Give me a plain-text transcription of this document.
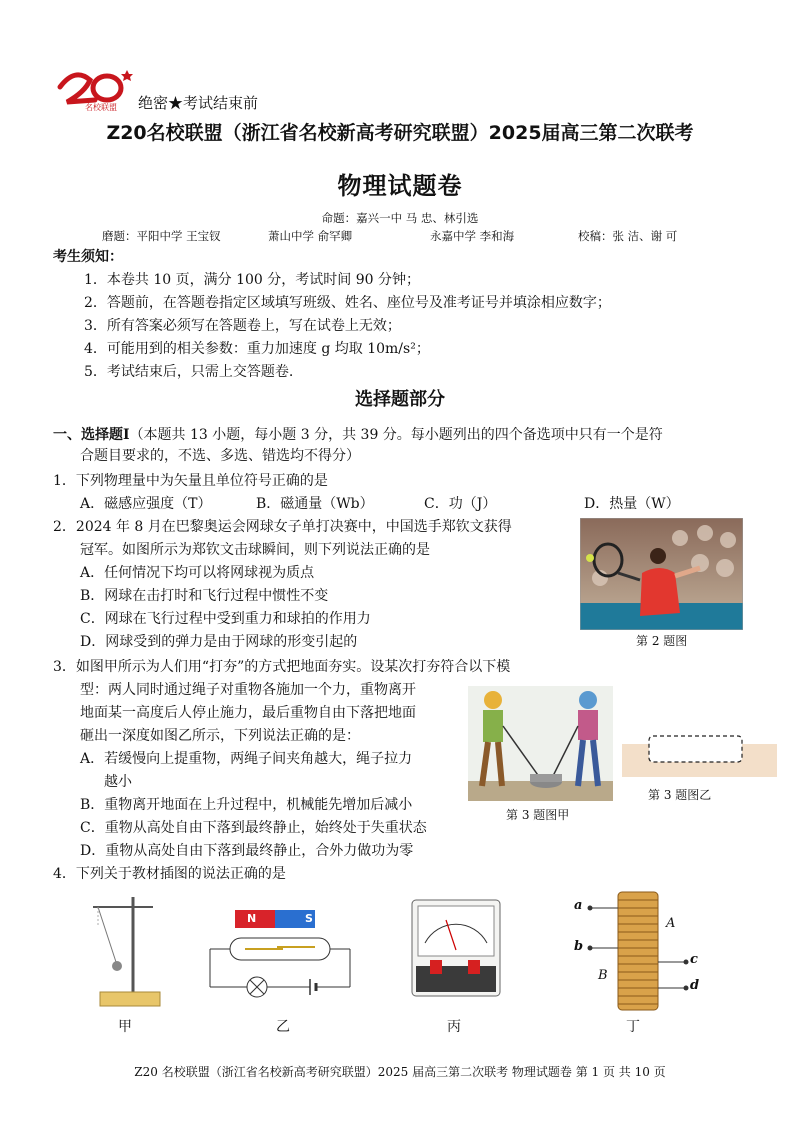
名校联盟 绝密★考试结束前
Z20名校联盟（浙江省名校新高考研究联盟）2025届高三第二次联考
物理试题卷
命题：嘉兴一中 马 忠、林引选
磨题：平阳中学 王宝钗	萧山中学 俞罕卿	永嘉中学 李和海	校稿：张 洁、谢 可
考生须知：
1．本卷共 10 页，满分 100 分，考试时间 90 分钟；
2．答题前，在答题卷指定区域填写班级、姓名、座位号及准考证号并填涂相应数字；
3．所有答案必须写在答题卷上，写在试卷上无效；
4．可能用到的相关参数：重力加速度 g 均取 10m/s²；
5．考试结束后，只需上交答题卷.
选择题部分
一、选择题Ⅰ（本题共 13 小题，每小题 3 分，共 39 分。每小题列出的四个备选项中只有一个是符
合题目要求的，不选、多选、错选均不得分）
1．下列物理量中为矢量且单位符号正确的是
A．磁感应强度（T）	B．磁通量（Wb）	C．功（J）	D．热量（W）
2．2024 年 8 月在巴黎奥运会网球女子单打决赛中，中国选手郑钦文获得
冠军。如图所示为郑钦文击球瞬间，则下列说法正确的是
A．任何情况下均可以将网球视为质点
B．网球在击打时和飞行过程中惯性不变
C．网球在飞行过程中受到重力和球拍的作用力
D．网球受到的弹力是由于网球的形变引起的	第 2 题图
3．如图甲所示为人们用“打夯”的方式把地面夯实。设某次打夯符合以下模
型：两人同时通过绳子对重物各施加一个力，重物离开
地面某一高度后人停止施力，最后重物自由下落把地面
砸出一深度如图乙所示，下列说法正确的是：
A．若缓慢向上提重物，两绳子间夹角越大，绳子拉力
越小
B．重物离开地面在上升过程中，机械能先增加后减小
C．重物从高处自由下落到最终静止，始终处于失重状态
D．重物从高处自由下落到最终静止，合外力做功为零
第 3 题图甲
第 3 题图乙
4．下列关于教材插图的说法正确的是
甲
N	S
乙	丙
a
b
c
d
A
B
丁
Z20 名校联盟（浙江省名校新高考研究联盟）2025 届高三第二次联考 物理试题卷 第 1 页 共 10 页
